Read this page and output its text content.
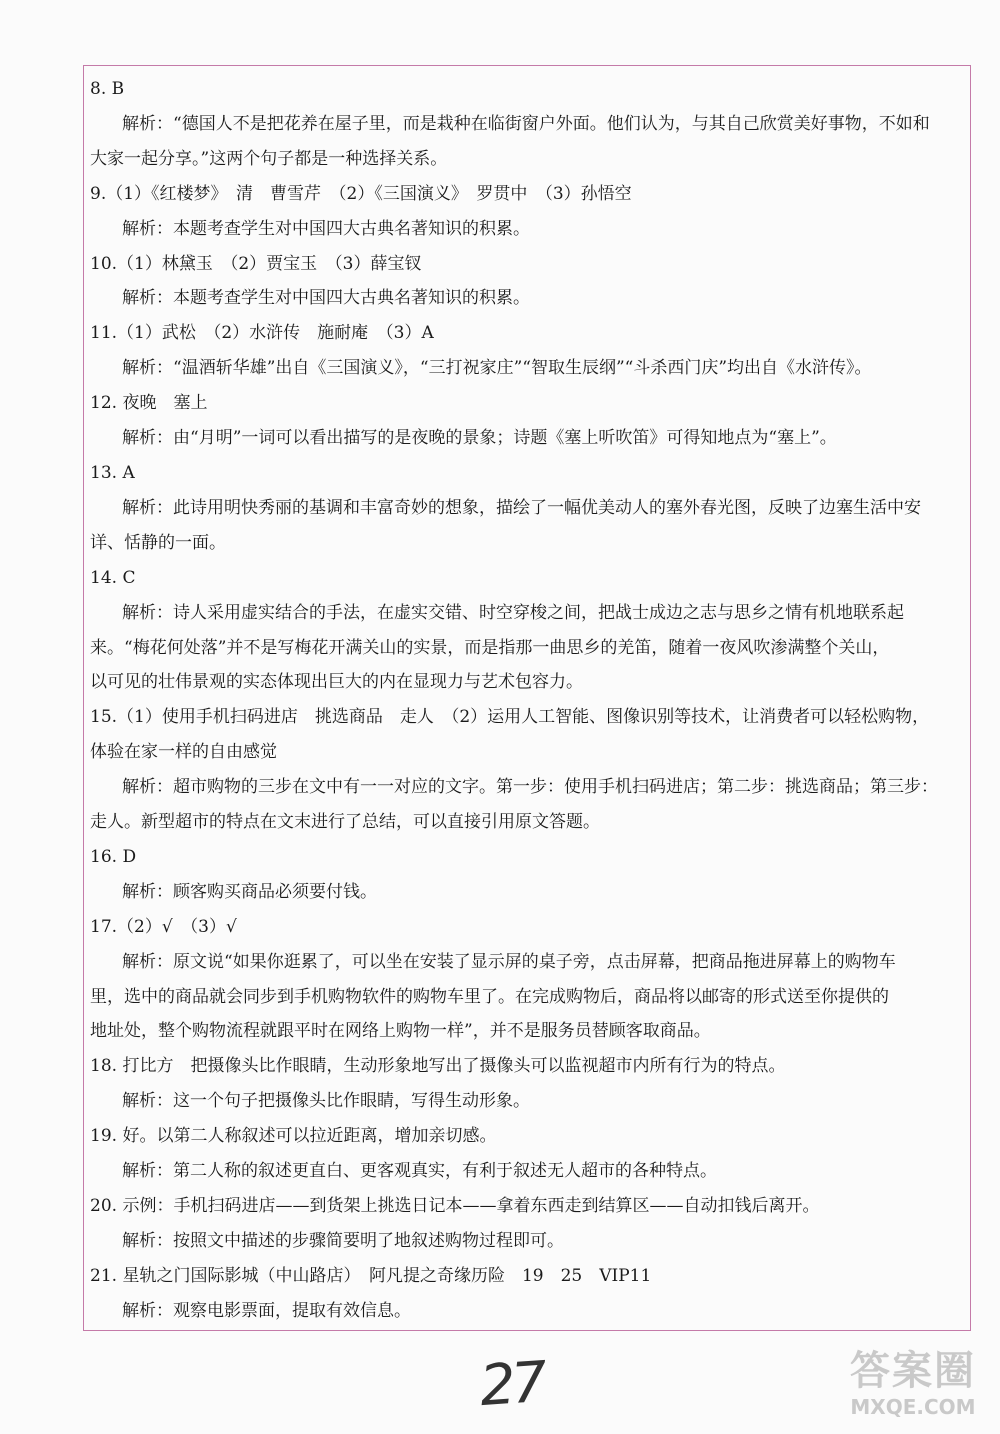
8. B
解析：“德国人不是把花养在屋子里，而是栽种在临街窗户外面。他们认为，与其自己欣赏美好事物，不如和
大家一起分享。”这两个句子都是一种选择关系。
9.（1）《红楼梦》　清　曹雪芹　（2）《三国演义》　罗贯中　（3）孙悟空
解析：本题考查学生对中国四大古典名著知识的积累。
10.（1）林黛玉　（2）贾宝玉　（3）薛宝钗
解析：本题考查学生对中国四大古典名著知识的积累。
11.（1）武松　（2）水浒传　施耐庵　（3）A
解析：“温酒斩华雄”出自《三国演义》，“三打祝家庄”“智取生辰纲”“斗杀西门庆”均出自《水浒传》。
12. 夜晚　塞上
解析：由“月明”一词可以看出描写的是夜晚的景象；诗题《塞上听吹笛》可得知地点为“塞上”。
13. A
解析：此诗用明快秀丽的基调和丰富奇妙的想象，描绘了一幅优美动人的塞外春光图，反映了边塞生活中安
详、恬静的一面。
14. C
解析：诗人采用虚实结合的手法，在虚实交错、时空穿梭之间，把战士成边之志与思乡之情有机地联系起
来。“梅花何处落”并不是写梅花开满关山的实景，而是指那一曲思乡的羌笛，随着一夜风吹渗满整个关山，
以可见的壮伟景观的实态体现出巨大的内在显现力与艺术包容力。
15.（1）使用手机扫码进店　挑选商品　走人　（2）运用人工智能、图像识别等技术，让消费者可以轻松购物，
体验在家一样的自由感觉
解析：超市购物的三步在文中有一一对应的文字。第一步：使用手机扫码进店；第二步：挑选商品；第三步：
走人。新型超市的特点在文末进行了总结，可以直接引用原文答题。
16. D
解析：顾客购买商品必须要付钱。
17.（2）√　（3）√
解析：原文说“如果你逛累了，可以坐在安装了显示屏的桌子旁，点击屏幕，把商品拖进屏幕上的购物车
里，选中的商品就会同步到手机购物软件的购物车里了。在完成购物后，商品将以邮寄的形式送至你提供的
地址处，整个购物流程就跟平时在网络上购物一样”，并不是服务员替顾客取商品。
18. 打比方　把摄像头比作眼睛，生动形象地写出了摄像头可以监视超市内所有行为的特点。
解析：这一个句子把摄像头比作眼睛，写得生动形象。
19. 好。以第二人称叙述可以拉近距离，增加亲切感。
解析：第二人称的叙述更直白、更客观真实，有利于叙述无人超市的各种特点。
20. 示例：手机扫码进店——到货架上挑选日记本——拿着东西走到结算区——自动扣钱后离开。
解析：按照文中描述的步骤简要明了地叙述购物过程即可。
21. 星轨之门国际影城（中山路店）　阿凡提之奇缘历险　19　25　VIP11
解析：观察电影票面，提取有效信息。
27	答案圈
MXQE.COM
